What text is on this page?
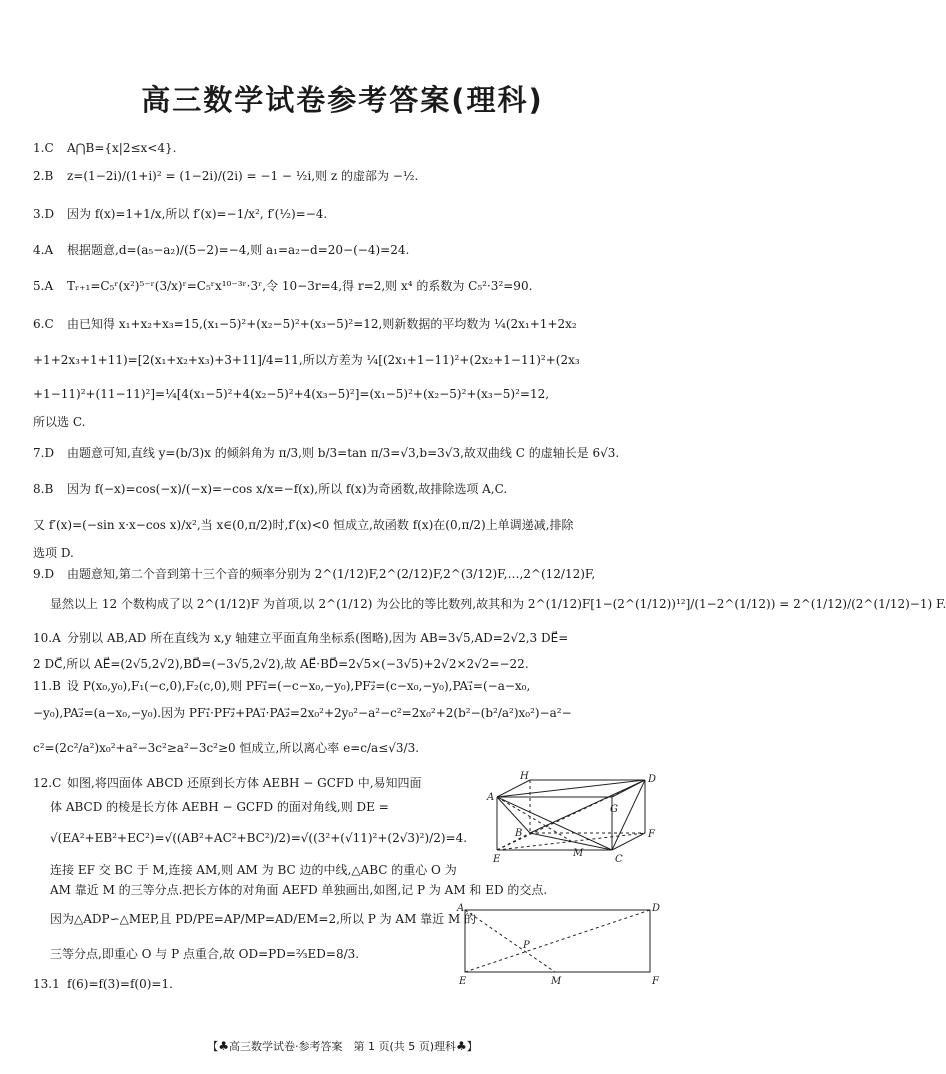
高三数学试卷参考答案(理科)
1.C A⋂B={x|2≤x<4}.
2.B z=(1−2i)/(1+i)² = (1−2i)/(2i) = −1 − ½i,则 z 的虚部为 −½.
3.D 因为 f(x)=1+1/x,所以 f′(x)=−1/x², f′(½)=−4.
4.A 根据题意,d=(a₅−a₂)/(5−2)=−4,则 a₁=a₂−d=20−(−4)=24.
5.A Tᵣ₊₁=C₅ʳ(x²)⁵⁻ʳ(3/x)ʳ=C₅ʳx¹⁰⁻³ʳ·3ʳ,令 10−3r=4,得 r=2,则 x⁴ 的系数为 C₅²·3²=90.
6.C 由已知得 x₁+x₂+x₃=15,(x₁−5)²+(x₂−5)²+(x₃−5)²=12,则新数据的平均数为 ¼(2x₁+1+2x₂
+1+2x₃+1+11)=[2(x₁+x₂+x₃)+3+11]/4=11,所以方差为 ¼[(2x₁+1−11)²+(2x₂+1−11)²+(2x₃
+1−11)²+(11−11)²]=¼[4(x₁−5)²+4(x₂−5)²+4(x₃−5)²]=(x₁−5)²+(x₂−5)²+(x₃−5)²=12,
所以选 C.
7.D 由题意可知,直线 y=(b/3)x 的倾斜角为 π/3,则 b/3=tan π/3=√3,b=3√3,故双曲线 C 的虚轴长是 6√3.
8.B 因为 f(−x)=cos(−x)/(−x)=−cos x/x=−f(x),所以 f(x)为奇函数,故排除选项 A,C.
又 f′(x)=(−sin x·x−cos x)/x²,当 x∈(0,π/2)时,f′(x)<0 恒成立,故函数 f(x)在(0,π/2)上单调递减,排除
选项 D.
9.D 由题意知,第二个音到第十三个音的频率分别为 2^(1/12)F,2^(2/12)F,2^(3/12)F,…,2^(12/12)F,
显然以上 12 个数构成了以 2^(1/12)F 为首项,以 2^(1/12) 为公比的等比数列,故其和为 2^(1/12)F[1−(2^(1/12))¹²]/(1−2^(1/12)) = 2^(1/12)/(2^(1/12)−1) F.
10.A 分别以 AB,AD 所在直线为 x,y 轴建立平面直角坐标系(图略),因为 AB=3√5,AD=2√2,3 DE⃗=
2 DC⃗,所以 AE⃗=(2√5,2√2),BD⃗=(−3√5,2√2),故 AE⃗·BD⃗=2√5×(−3√5)+2√2×2√2=−22.
11.B 设 P(x₀,y₀),F₁(−c,0),F₂(c,0),则 PF₁⃗=(−c−x₀,−y₀),PF₂⃗=(c−x₀,−y₀),PA₁⃗=(−a−x₀,
−y₀),PA₂⃗=(a−x₀,−y₀).因为 PF₁⃗·PF₂⃗+PA₁⃗·PA₂⃗=2x₀²+2y₀²−a²−c²=2x₀²+2(b²−(b²/a²)x₀²)−a²−
c²=(2c²/a²)x₀²+a²−3c²≥a²−3c²≥0 恒成立,所以离心率 e=c/a≤√3/3.
12.C 如图,将四面体 ABCD 还原到长方体 AEBH − GCFD 中,易知四面
体 ABCD 的棱是长方体 AEBH − GCFD 的面对角线,则 DE =
√(EA²+EB²+EC²)=√((AB²+AC²+BC²)/2)=√((3²+(√11)²+(2√3)²)/2)=4.
连接 EF 交 BC 于 M,连接 AM,则 AM 为 BC 边的中线,△ABC 的重心 O 为
AM 靠近 M 的三等分点.把长方体的对角面 AEFD 单独画出,如图,记 P 为 AM 和 ED 的交点.
因为△ADP∽△MEP,且 PD/PE=AP/MP=AD/EM=2,所以 P 为 AM 靠近 M 的
三等分点,即重心 O 与 P 点重合,故 OD=PD=⅔ED=8/3.
13.1 f(6)=f(3)=f(0)=1.
H	D
A
G
B	F
E
M
C
A	D
P
E	M	F
【♣高三数学试卷·参考答案　第 1 页(共 5 页)理科♣】
